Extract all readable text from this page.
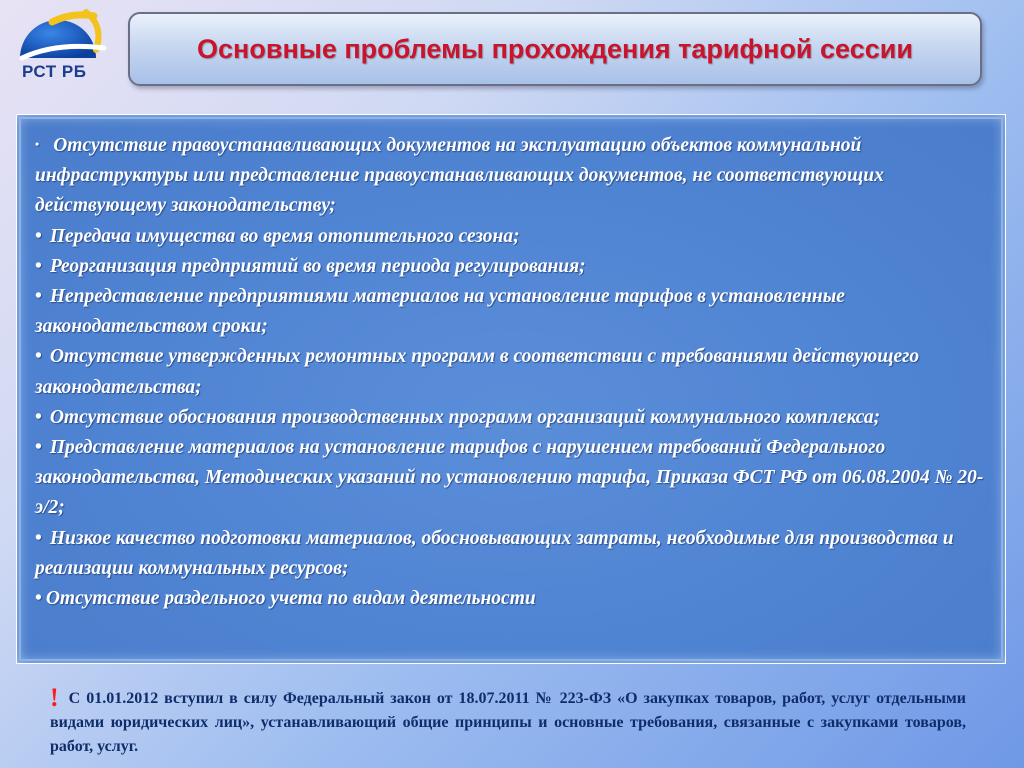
РСТ РБ
Основные проблемы прохождения тарифной сессии
• Отсутствие правоустанавливающих документов на эксплуатацию объектов коммунальной инфраструктуры или представление правоустанавливающих документов, не соответствующих действующему законодательству;
• Передача имущества во время отопительного сезона;
• Реорганизация предприятий во время периода регулирования;
• Непредставление предприятиями материалов на установление тарифов в установленные законодательством сроки;
• Отсутствие утвержденных ремонтных программ в соответствии с требованиями действующего законодательства;
• Отсутствие обоснования производственных программ организаций коммунального комплекса;
• Представление материалов на установление тарифов с нарушением требований Федерального законодательства, Методических указаний по установлению тарифа, Приказа ФСТ РФ от 06.08.2004 № 20-э/2;
• Низкое качество подготовки материалов, обосновывающих затраты, необходимые для производства и реализации коммунальных ресурсов;
• Отсутствие раздельного учета по видам деятельности
! С 01.01.2012 вступил в силу Федеральный закон от 18.07.2011 № 223-ФЗ «О закупках товаров, работ, услуг отдельными видами юридических лиц», устанавливающий общие принципы и основные требования, связанные с закупками товаров, работ, услуг.
